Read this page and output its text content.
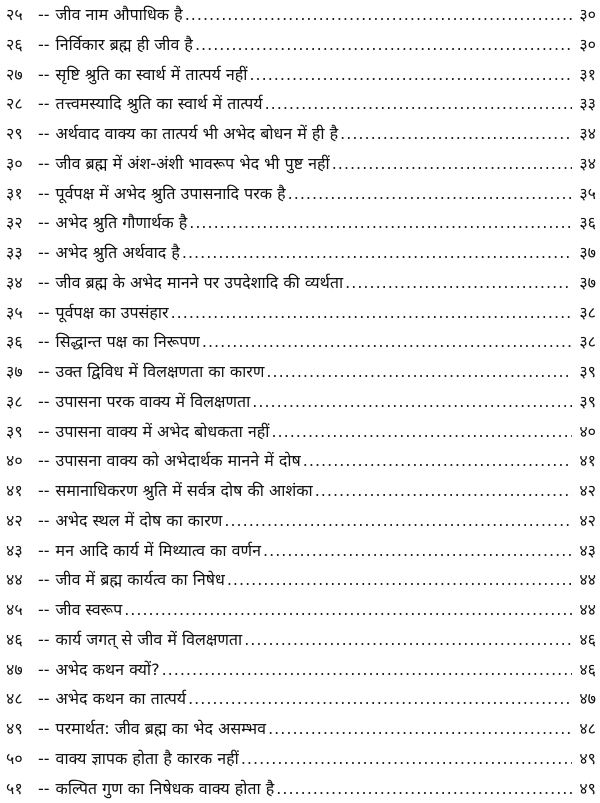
२५ -- जीव नाम औपाधिक है .....	३०
२६ -- निर्विकार ब्रह्म ही जीव है .....	३०
२७ -- सृष्टि श्रुति का स्वार्थ में तात्पर्य नहीं .....	३१
२८ -- तत्त्वमस्यादि श्रुति का स्वार्थ में तात्पर्य .....	३३
२९ -- अर्थवाद वाक्य का तात्पर्य भी अभेद बोधन में ही है .....	३४
३० -- जीव ब्रह्म में अंश-अंशी भावरूप भेद भी पुष्ट नहीं .....	३४
३१ -- पूर्वपक्ष में अभेद श्रुति उपासनादि परक है .....	३५
३२ -- अभेद श्रुति गौणार्थक है .....	३६
३३ -- अभेद श्रुति अर्थवाद है .....	३७
३४ -- जीव ब्रह्म के अभेद मानने पर उपदेशादि की व्यर्थता .....	३७
३५ -- पूर्वपक्ष का उपसंहार .....	३८
३६ -- सिद्धान्त पक्ष का निरूपण .....	३८
३७ -- उक्त द्विविध में विलक्षणता का कारण .....	३९
३८ -- उपासना परक वाक्य में विलक्षणता .....	३९
३९ -- उपासना वाक्य में अभेद बोधकता नहीं .....	४०
४० -- उपासना वाक्य को अभेदार्थक मानने में दोष .....	४१
४१ -- समानाधिकरण श्रुति में सर्वत्र दोष की आशंका .....	४२
४२ -- अभेद स्थल में दोष का कारण .....	४२
४३ -- मन आदि कार्य में मिथ्यात्व का वर्णन .....	४३
४४ -- जीव में ब्रह्म कार्यत्व का निषेध .....	४४
४५ -- जीव स्वरूप .....	४४
४६ -- कार्य जगत् से जीव में विलक्षणता .....	४६
४७ -- अभेद कथन क्यों? .....	४६
४८ -- अभेद कथन का तात्पर्य .....	४७
४९ -- परमार्थत: जीव ब्रह्म का भेद असम्भव .....	४८
५० -- वाक्य ज्ञापक होता है कारक नहीं .....	४९
५१ -- कल्पित गुण का निषेधक वाक्य होता है .....	४९
